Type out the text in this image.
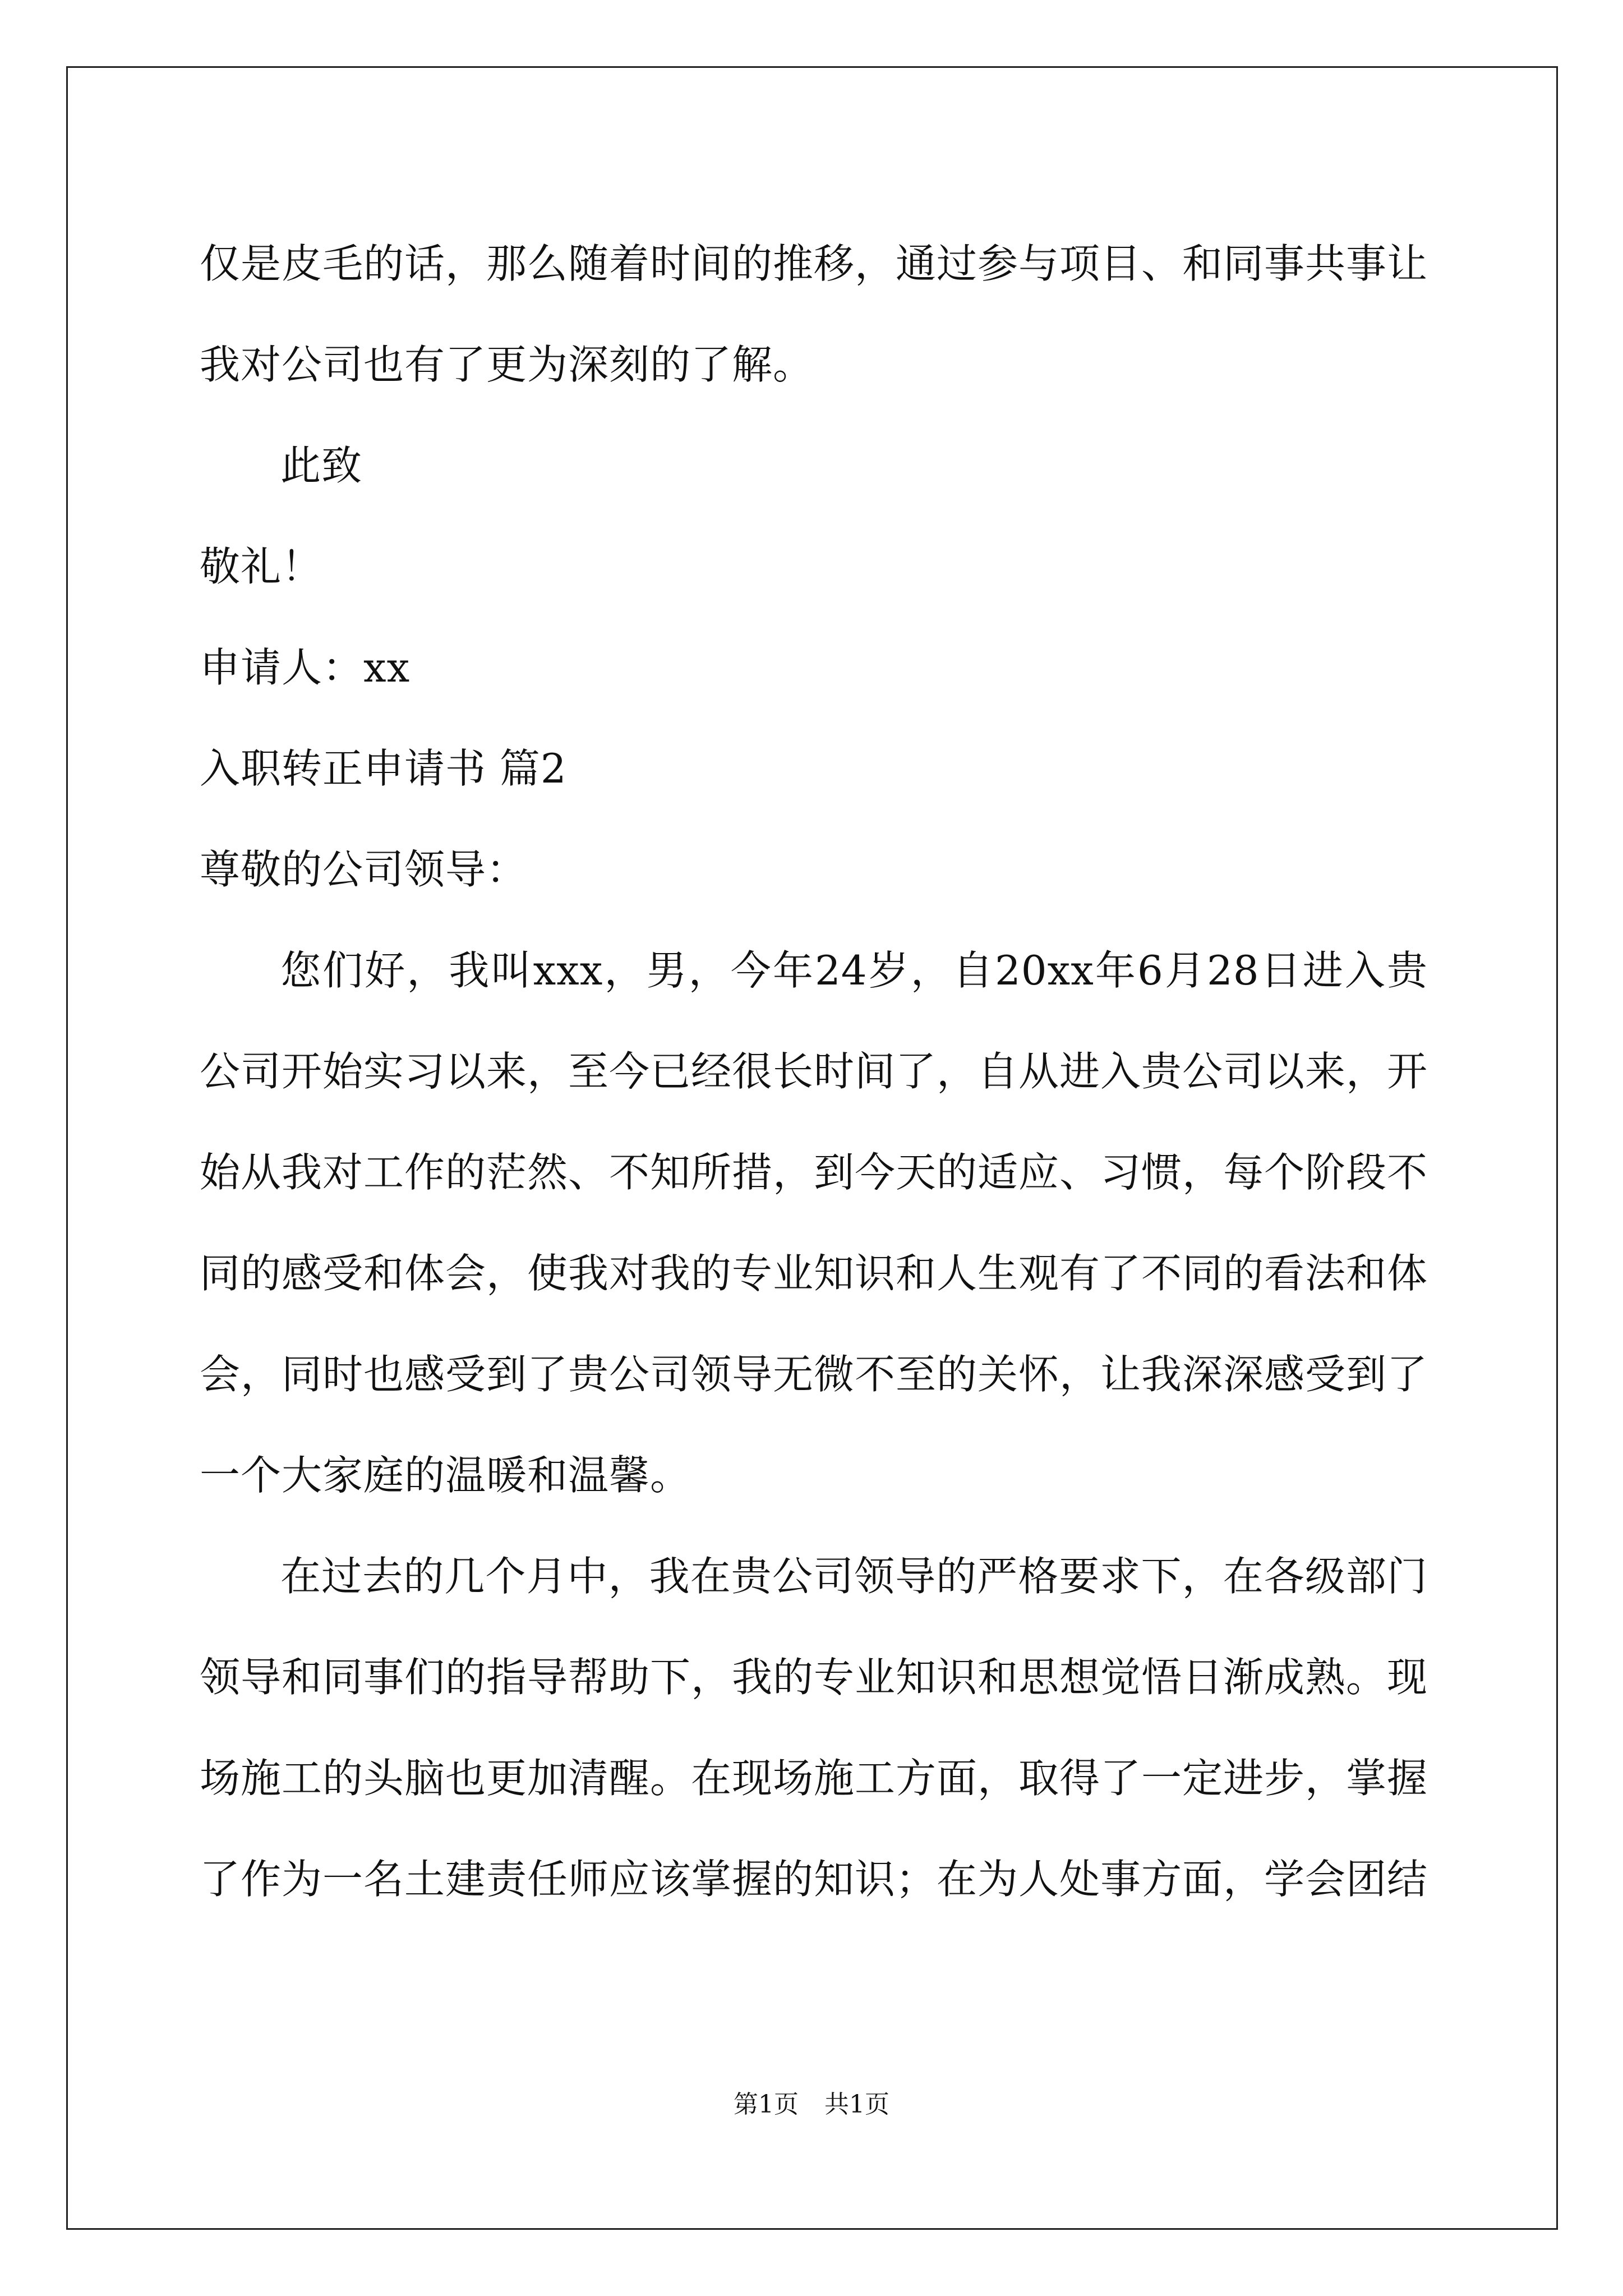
仅是皮毛的话，那么随着时间的推移，通过参与项目、和同事共事让我对公司也有了更为深刻的了解。

此致

敬礼！

申请人：xx

入职转正申请书 篇2

尊敬的公司领导：

您们好，我叫xxx，男，今年24岁，自20xx年6月28日进入贵公司开始实习以来，至今已经很长时间了，自从进入贵公司以来，开始从我对工作的茫然、不知所措，到今天的适应、习惯，每个阶段不同的感受和体会，使我对我的专业知识和人生观有了不同的看法和体会，同时也感受到了贵公司领导无微不至的关怀，让我深深感受到了一个大家庭的温暖和温馨。

在过去的几个月中，我在贵公司领导的严格要求下，在各级部门领导和同事们的指导帮助下，我的专业知识和思想觉悟日渐成熟。现场施工的头脑也更加清醒。在现场施工方面，取得了一定进步，掌握了作为一名土建责任师应该掌握的知识；在为人处事方面，学会团结

第1页 共1页
